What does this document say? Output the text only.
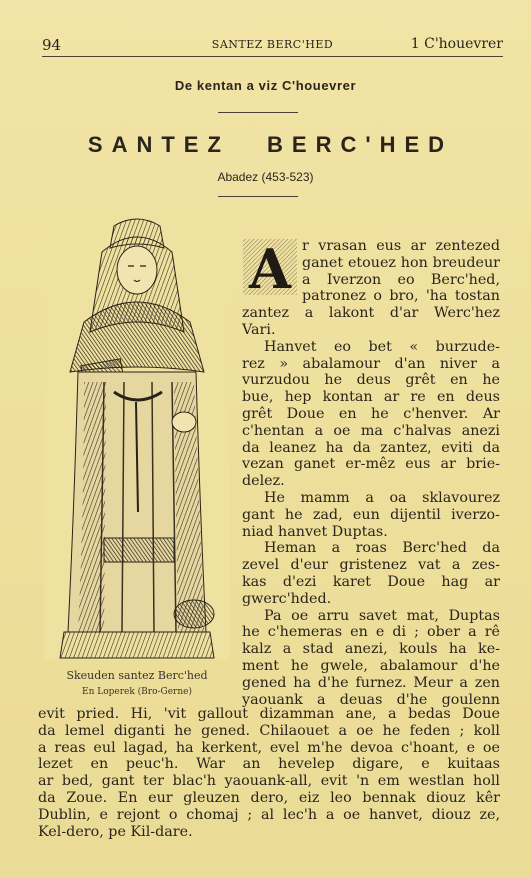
94	SANTEZ BERC'HED	1 C'houevrer
De kentan a viz C'houevrer
SANTEZ BERC'HED
Abadez (453-523)
Skeuden santez Berc'hed
En Loperek (Bro-Gerne)
A r vrasan eus ar zentezed
ganet etouez hon breudeur
a Iverzon eo Berc'hed,
patronez o bro, 'ha tostan
zantez a lakont d'ar Werc'hez
Vari.
Hanvet eo bet « burzude-
rez » abalamour d'an niver a
vurzudou he deus grêt en he
bue, hep kontan ar re en deus
grêt Doue en he c'henver. Ar
c'hentan a oe ma c'halvas anezi
da leanez ha da zantez, eviti da
vezan ganet er-mêz eus ar brie-
delez.
He mamm a oa sklavourez
gant he zad, eun dijentil iverzo-
niad hanvet Duptas.
Heman a roas Berc'hed da
zevel d'eur gristenez vat a zes-
kas d'ezi karet Doue hag ar
gwerc'hded.
Pa oe arru savet mat, Duptas
he c'hemeras en e di ; ober a rê
kalz a stad anezi, kouls ha ke-
ment he gwele, abalamour d'he
gened ha d'he furnez. Meur a zen
yaouank a deuas d'he goulenn
evit pried. Hi, 'vit gallout dizamman ane, a bedas Doue
da lemel diganti he gened. Chilaouet a oe he feden ; koll
a reas eul lagad, ha kerkent, evel m'he devoa c'hoant, e oe
lezet en peuc'h. War an hevelep digare, e kuitaas
ar bed, gant ter blac'h yaouank-all, evit 'n em westlan holl
da Zoue. En eur gleuzen dero, eiz leo bennak diouz kêr
Dublin, e rejont o chomaj ; al lec'h a oe hanvet, diouz ze,
Kel-dero, pe Kil-dare.
